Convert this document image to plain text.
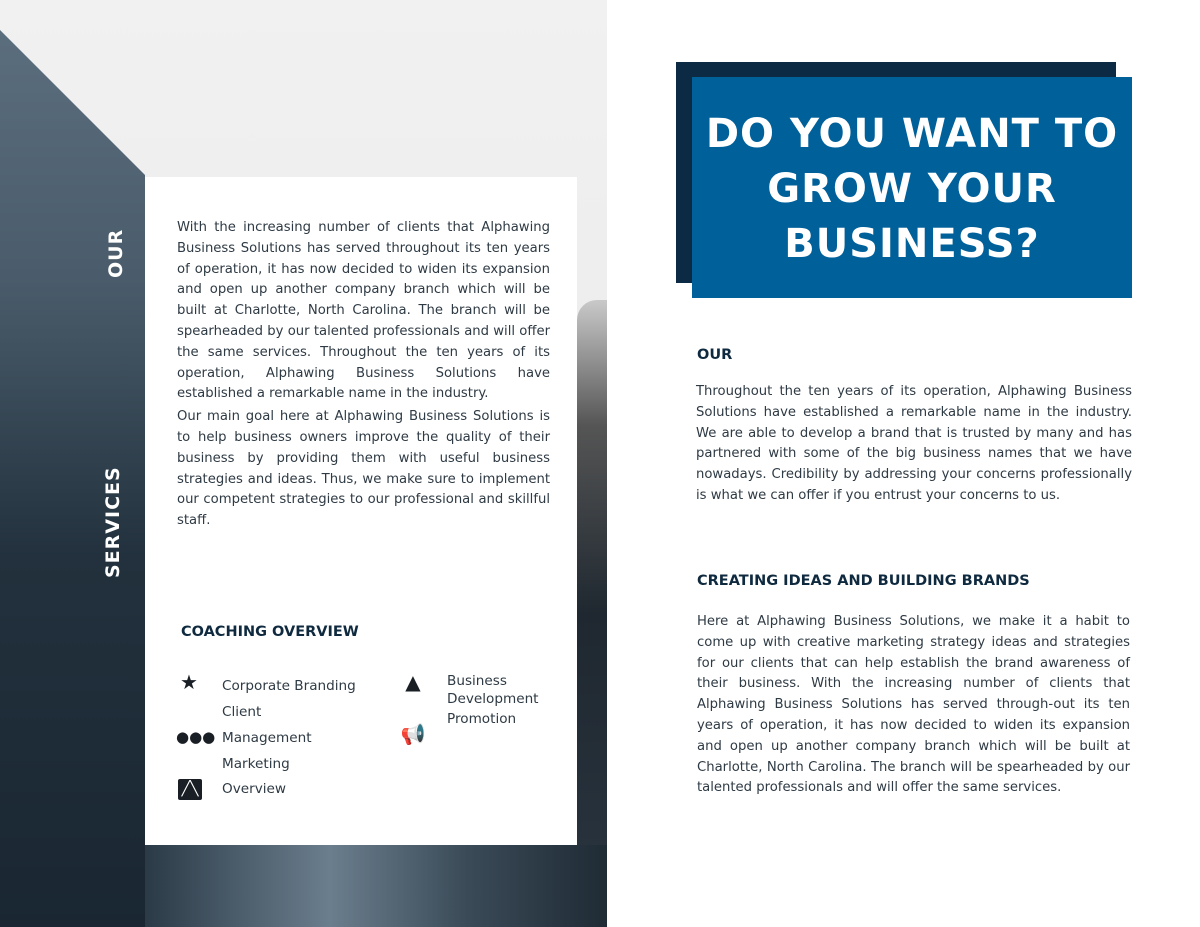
OUR
SERVICES

With the increasing number of clients that Alphawing Business Solutions has served throughout its ten years of operation, it has now decided to widen its expansion and open up another company branch which will be built at Charlotte, North Carolina. The branch will be spearheaded by our talented professionals and will offer the same services. Throughout the ten years of its operation, Alphawing Business Solutions have established a remarkable name in the industry.

Our main goal here at Alphawing Business Solutions is to help business owners improve the quality of their business by providing them with useful business strategies and ideas. Thus, we make sure to implement our competent strategies to our professional and skillful staff.

COACHING OVERVIEW
★
●●●
╱╲
▲
📢
Corporate Branding
Client
Management
Marketing
Overview
Business
Development
Promotion
DO YOU WANT TO GROW YOUR BUSINESS?
OUR

Throughout the ten years of its operation, Alphawing Business Solutions have established a remarkable name in the industry. We are able to develop a brand that is trusted by many and has partnered with some of the big business names that we have nowadays. Credibility by addressing your concerns professionally is what we can offer if you entrust your concerns to us.

CREATING IDEAS AND BUILDING BRANDS

Here at Alphawing Business Solutions, we make it a habit to come up with creative marketing strategy ideas and strategies for our clients that can help establish the brand awareness of their business. With the increasing number of clients that Alphawing Business Solutions has served through-out its ten years of operation, it has now decided to widen its expansion and open up another company branch which will be built at Charlotte, North Carolina. The branch will be spearheaded by our talented professionals and will offer the same services.
